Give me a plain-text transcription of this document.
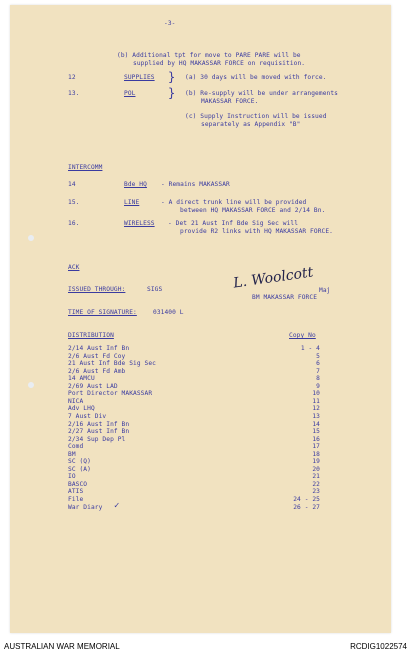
-3-
(b) Additional tpt for move to PARE PARE will be
supplied by HQ MAKASSAR FORCE on requisition.
12	SUPPLIES } (a) 30 days will be moved with force.
13.	POL	} (b) Re-supply will be under arrangements
MAKASSAR FORCE.
(c) Supply Instruction will be issued
separately as Appendix "B"
INTERCOMM
14	Bde HQ - Remains MAKASSAR
15.	LINE	- A direct trunk line will be provided
between HQ MAKASSAR FORCE and 2/14 Bn.
16.	WIRELESS - Det 21 Aust Inf Bde Sig Sec will
provide R2 links with HQ MAKASSAR FORCE.
ACK
ISSUED THROUGH:	SIGS	L. Woolcott Maj
BM MAKASSAR FORCE
TIME OF SIGNATURE:	031400 L
DISTRIBUTION	Copy No
2/14 Aust Inf Bn	1 - 4
2/6 Aust Fd Coy	5
21 Aust Inf Bde Sig Sec	6
2/6 Aust Fd Amb	7
14 AMCU	8
2/69 Aust LAD	9
Port Director MAKASSAR	10
NICA	11
Adv LHQ	12
7 Aust Div	13
2/16 Aust Inf Bn	14
2/27 Aust Inf Bn	15
2/34 Sup Dep Pl	16
Comd	17
BM	18
SC (Q)	19
SC (A)	20
IO	21
BASCO	22
ATIS	23
File	24 - 25
War Diary	26 - 27
✓
AUSTRALIAN WAR MEMORIAL	RCDIG1022574
